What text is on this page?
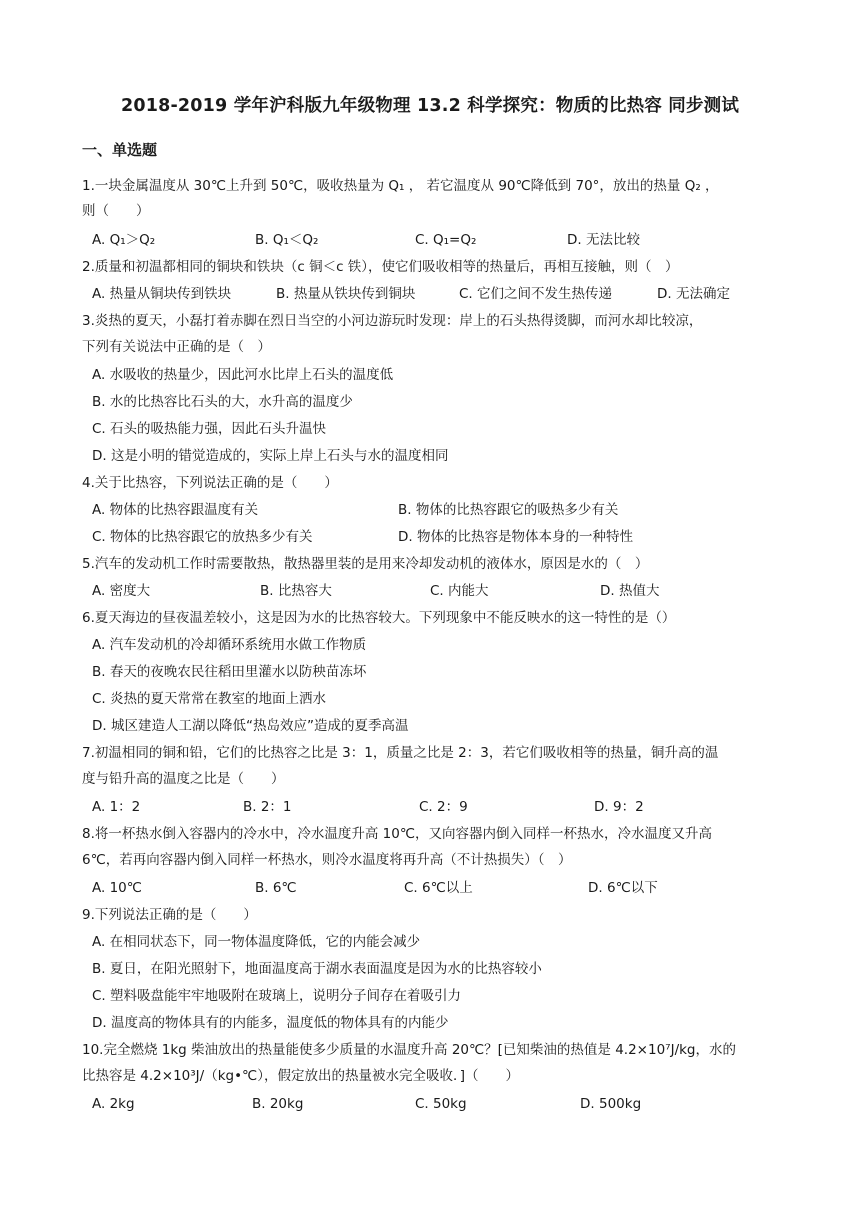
2018-2019 学年沪科版九年级物理 13.2 科学探究：物质的比热容 同步测试
一、单选题
1.一块金属温度从 30℃上升到 50℃，吸收热量为 Q₁ ， 若它温度从 90℃降低到 70°，放出的热量 Q₂ ，
则（　　）
A. Q₁＞Q₂	B. Q₁＜Q₂	C. Q₁=Q₂	D. 无法比较
2.质量和初温都相同的铜块和铁块（c 铜＜c 铁），使它们吸收相等的热量后，再相互接触，则（　）
A. 热量从铜块传到铁块	B. 热量从铁块传到铜块	C. 它们之间不发生热传递	D. 无法确定
3.炎热的夏天，小磊打着赤脚在烈日当空的小河边游玩时发现：岸上的石头热得烫脚，而河水却比较凉，
下列有关说法中正确的是（　）
A. 水吸收的热量少，因此河水比岸上石头的温度低
B. 水的比热容比石头的大，水升高的温度少
C. 石头的吸热能力强，因此石头升温快
D. 这是小明的错觉造成的，实际上岸上石头与水的温度相同
4.关于比热容，下列说法正确的是（　　）
A. 物体的比热容跟温度有关	B. 物体的比热容跟它的吸热多少有关
C. 物体的比热容跟它的放热多少有关	D. 物体的比热容是物体本身的一种特性
5.汽车的发动机工作时需要散热，散热器里装的是用来冷却发动机的液体水，原因是水的（　）
A. 密度大	B. 比热容大	C. 内能大	D. 热值大
6.夏天海边的昼夜温差较小，这是因为水的比热容较大。下列现象中不能反映水的这一特性的是（）
A. 汽车发动机的冷却循环系统用水做工作物质
B. 春天的夜晚农民往稻田里灌水以防秧苗冻坏
C. 炎热的夏天常常在教室的地面上洒水
D. 城区建造人工湖以降低“热岛效应”造成的夏季高温
7.初温相同的铜和铅，它们的比热容之比是 3：1，质量之比是 2：3，若它们吸收相等的热量，铜升高的温
度与铅升高的温度之比是（　　）
A. 1：2	B. 2：1	C. 2：9	D. 9：2
8.将一杯热水倒入容器内的冷水中，冷水温度升高 10℃，又向容器内倒入同样一杯热水，冷水温度又升高
6℃，若再向容器内倒入同样一杯热水，则冷水温度将再升高（不计热损失）（　）
A. 10℃	B. 6℃	C. 6℃以上	D. 6℃以下
9.下列说法正确的是（　　）
A. 在相同状态下，同一物体温度降低，它的内能会减少
B. 夏日，在阳光照射下，地面温度高于湖水表面温度是因为水的比热容较小
C. 塑料吸盘能牢牢地吸附在玻璃上，说明分子间存在着吸引力
D. 温度高的物体具有的内能多，温度低的物体具有的内能少
10.完全燃烧 1kg 柴油放出的热量能使多少质量的水温度升高 20℃？[已知柴油的热值是 4.2×10⁷J/kg，水的
比热容是 4.2×10³J/（kg•℃），假定放出的热量被水完全吸收．]（　　）
A. 2kg	B. 20kg	C. 50kg	D. 500kg
